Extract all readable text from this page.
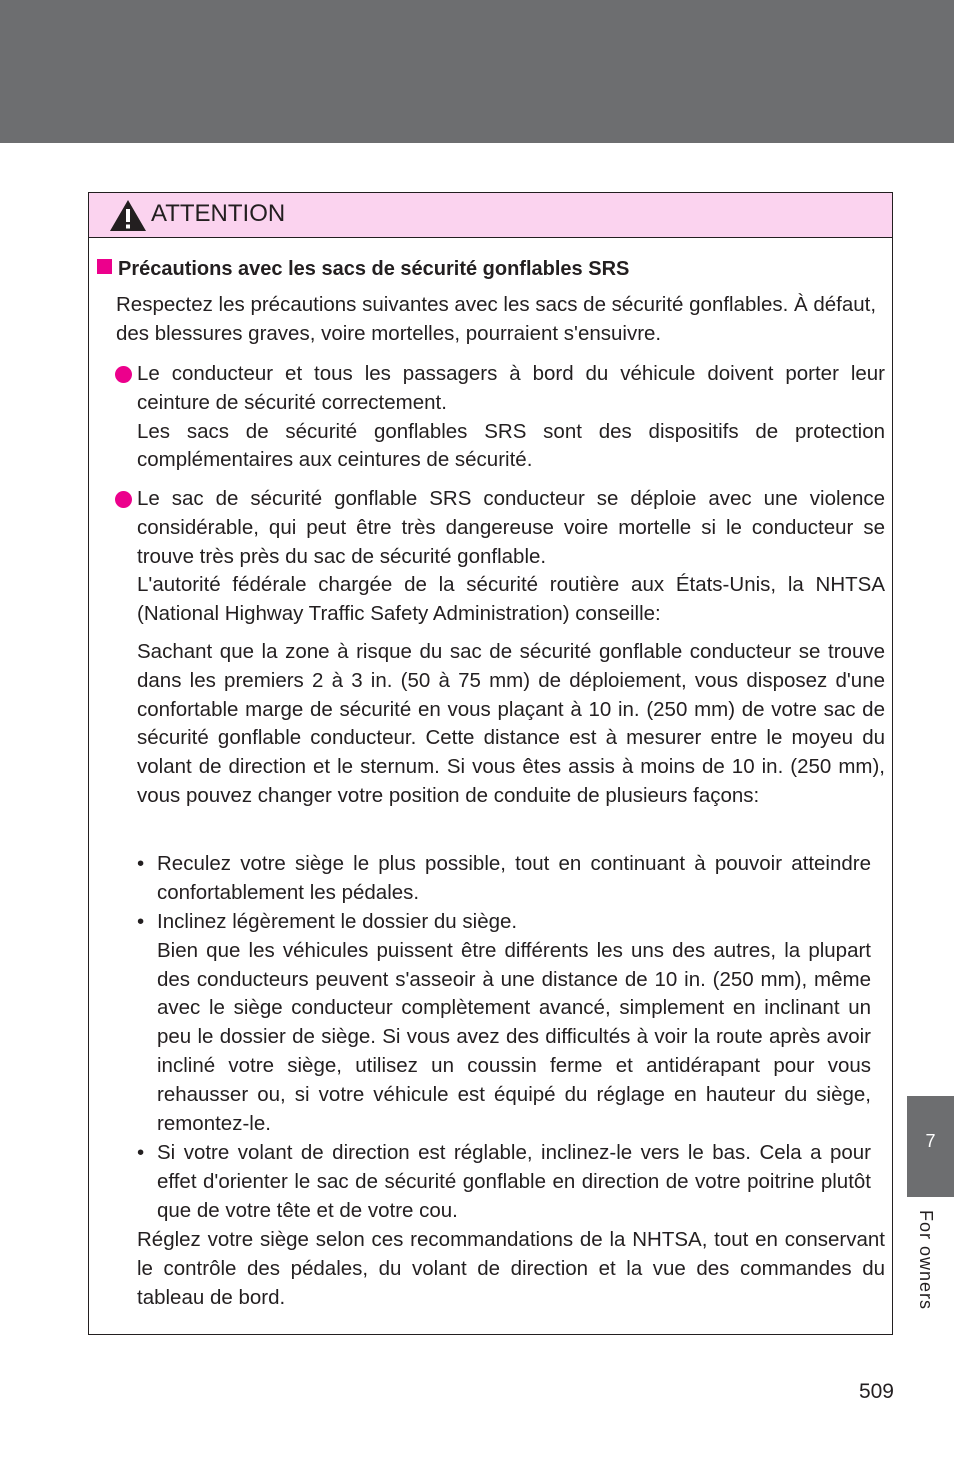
ATTENTION
Précautions avec les sacs de sécurité gonflables SRS
Respectez les précautions suivantes avec les sacs de sécurité gonflables. À défaut, des blessures graves, voire mortelles, pourraient s'ensuivre.
Le conducteur et tous les passagers à bord du véhicule doivent porter leur ceinture de sécurité correctement.
Les sacs de sécurité gonflables SRS sont des dispositifs de protection complémentaires aux ceintures de sécurité.
Le sac de sécurité gonflable SRS conducteur se déploie avec une violence considérable, qui peut être très dangereuse voire mortelle si le conducteur se trouve très près du sac de sécurité gonflable.
L'autorité fédérale chargée de la sécurité routière aux États-Unis, la NHTSA (National Highway Traffic Safety Administration) conseille:
Sachant que la zone à risque du sac de sécurité gonflable conducteur se trouve dans les premiers 2 à 3 in. (50 à 75 mm) de déploiement, vous disposez d'une confortable marge de sécurité en vous plaçant à 10 in. (250 mm) de votre sac de sécurité gonflable conducteur. Cette distance est à mesurer entre le moyeu du volant de direction et le sternum. Si vous êtes assis à moins de 10 in. (250 mm), vous pouvez changer votre position de conduite de plusieurs façons:
• Reculez votre siège le plus possible, tout en continuant à pouvoir atteindre confortablement les pédales.
• Inclinez légèrement le dossier du siège.
Bien que les véhicules puissent être différents les uns des autres, la plupart des conducteurs peuvent s'asseoir à une distance de 10 in. (250 mm), même avec le siège conducteur complètement avancé, simplement en inclinant un peu le dossier de siège. Si vous avez des difficultés à voir la route après avoir incliné votre siège, utilisez un coussin ferme et antidérapant pour vous rehausser ou, si votre véhicule est équipé du réglage en hauteur du siège, remontez-le.
• Si votre volant de direction est réglable, inclinez-le vers le bas. Cela a pour effet d'orienter le sac de sécurité gonflable en direction de votre poitrine plutôt que de votre tête et de votre cou.
Réglez votre siège selon ces recommandations de la NHTSA, tout en conservant le contrôle des pédales, du volant de direction et la vue des commandes du tableau de bord.
7
For owners
509
